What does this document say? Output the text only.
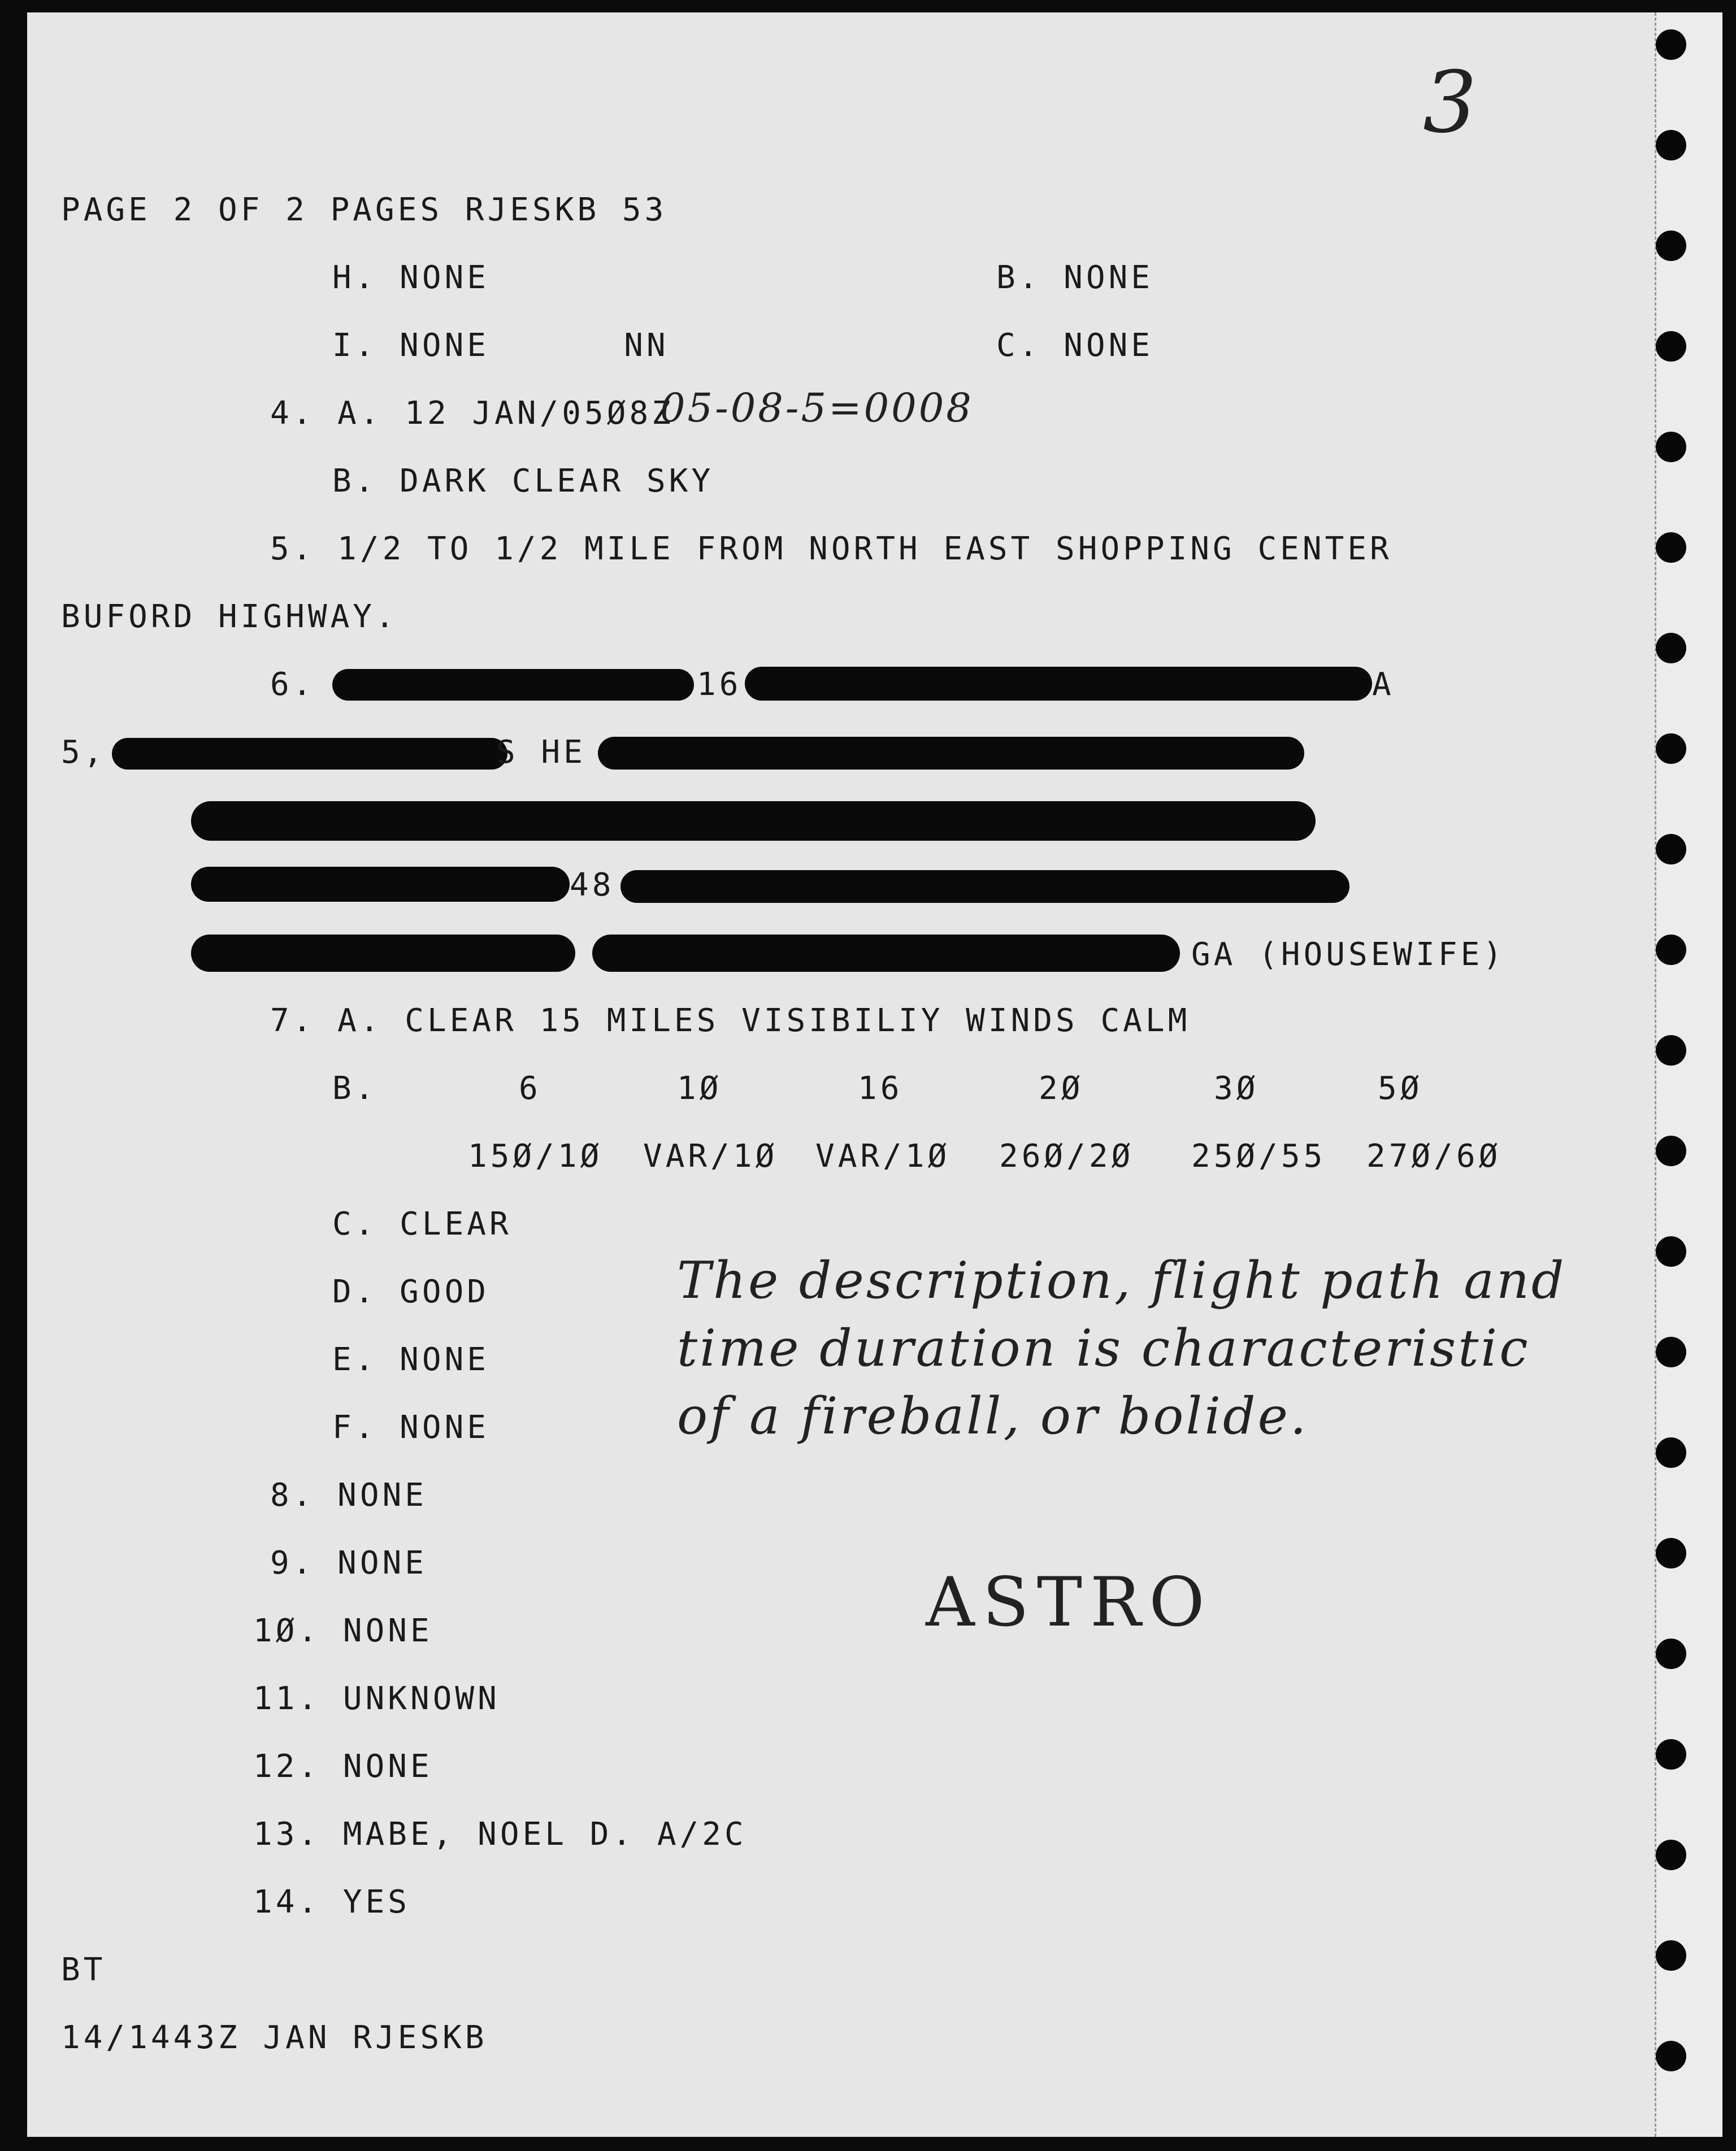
3
PAGE 2 OF 2 PAGES RJESKB 53
H. NONE	B. NONE
I. NONE      NN	C. NONE
4. A. 12 JAN/05Ø8Z
05-08-5=0008
B. DARK CLEAR SKY
5. 1/2 TO 1/2 MILE FROM NORTH EAST SHOPPING CENTER
BUFORD HIGHWAY.
6.	16	A
5,	S HE
48
GA (HOUSEWIFE)
7. A. CLEAR 15 MILES VISIBILIY WINDS CALM
B.	6	1Ø	16	2Ø	3Ø	5Ø
15Ø/1Ø VAR/1Ø VAR/1Ø 26Ø/2Ø 25Ø/55 27Ø/6Ø
C. CLEAR
D. GOOD
E. NONE
F. NONE
The description, flight path and
time duration is characteristic
of a fireball, or bolide.
8. NONE
9. NONE
1Ø. NONE	ASTRO
11. UNKNOWN
12. NONE
13. MABE, NOEL D. A/2C
14. YES
BT
14/1443Z JAN RJESKB
